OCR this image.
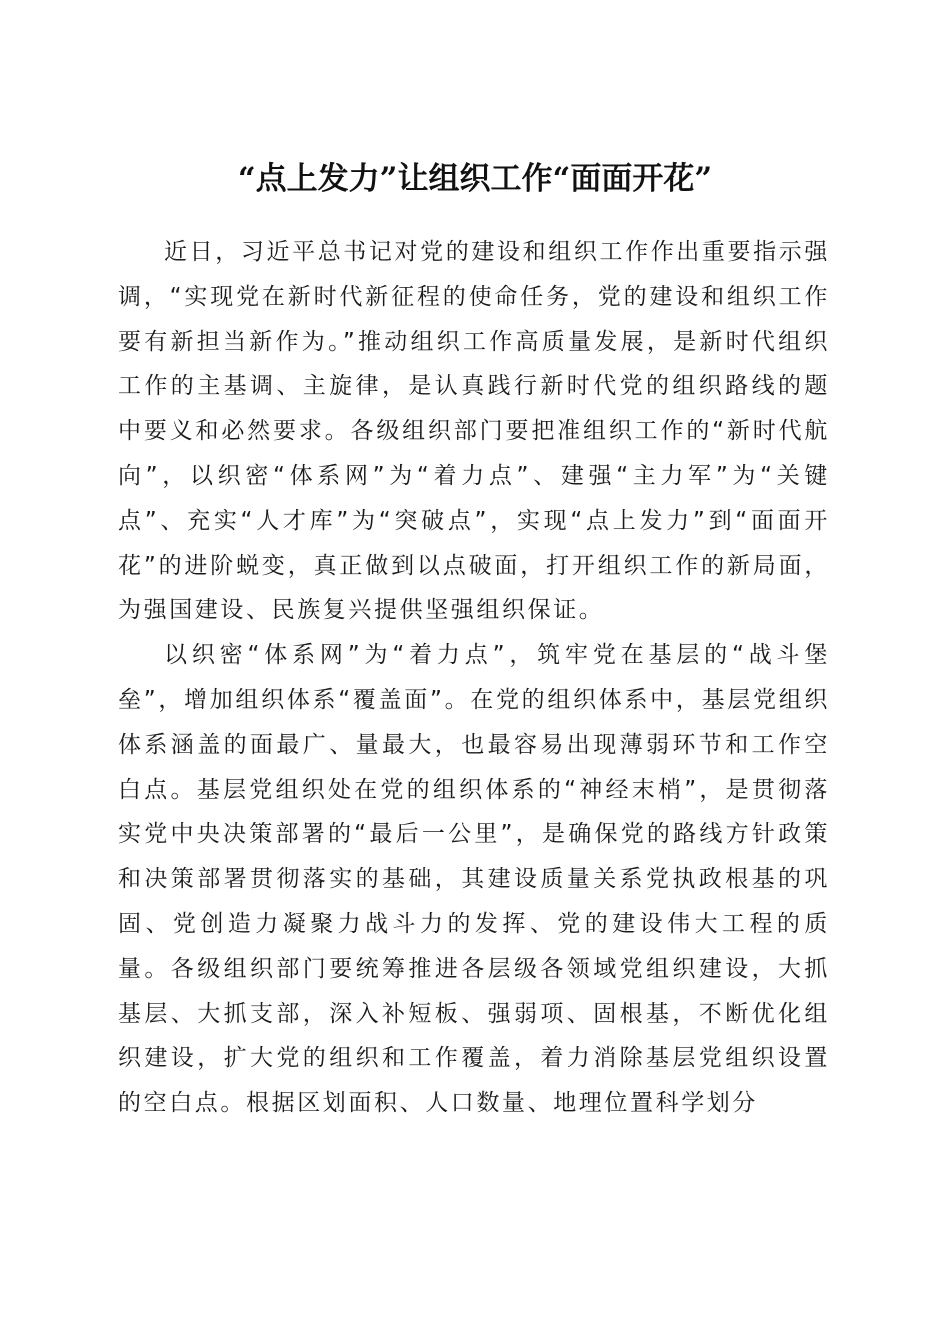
“点上发力”让组织工作“面面开花”

近日，习近平总书记对党的建设和组织工作作出重要指示强调，“实现党在新时代新征程的使命任务，党的建设和组织工作要有新担当新作为。”推动组织工作高质量发展，是新时代组织工作的主基调、主旋律，是认真践行新时代党的组织路线的题中要义和必然要求。各级组织部门要把准组织工作的“新时代航向”，以织密“体系网”为“着力点”、建强“主力军”为“关键点”、充实“人才库”为“突破点”，实现“点上发力”到“面面开花”的进阶蜕变，真正做到以点破面，打开组织工作的新局面，为强国建设、民族复兴提供坚强组织保证。

以织密“体系网”为“着力点”，筑牢党在基层的“战斗堡垒”，增加组织体系“覆盖面”。在党的组织体系中，基层党组织体系涵盖的面最广、量最大，也最容易出现薄弱环节和工作空白点。基层党组织处在党的组织体系的“神经末梢”，是贯彻落实党中央决策部署的“最后一公里”，是确保党的路线方针政策和决策部署贯彻落实的基础，其建设质量关系党执政根基的巩固、党创造力凝聚力战斗力的发挥、党的建设伟大工程的质量。各级组织部门要统筹推进各层级各领域党组织建设，大抓基层、大抓支部，深入补短板、强弱项、固根基，不断优化组织建设，扩大党的组织和工作覆盖，着力消除基层党组织设置的空白点。根据区划面积、人口数量、地理位置科学划分
